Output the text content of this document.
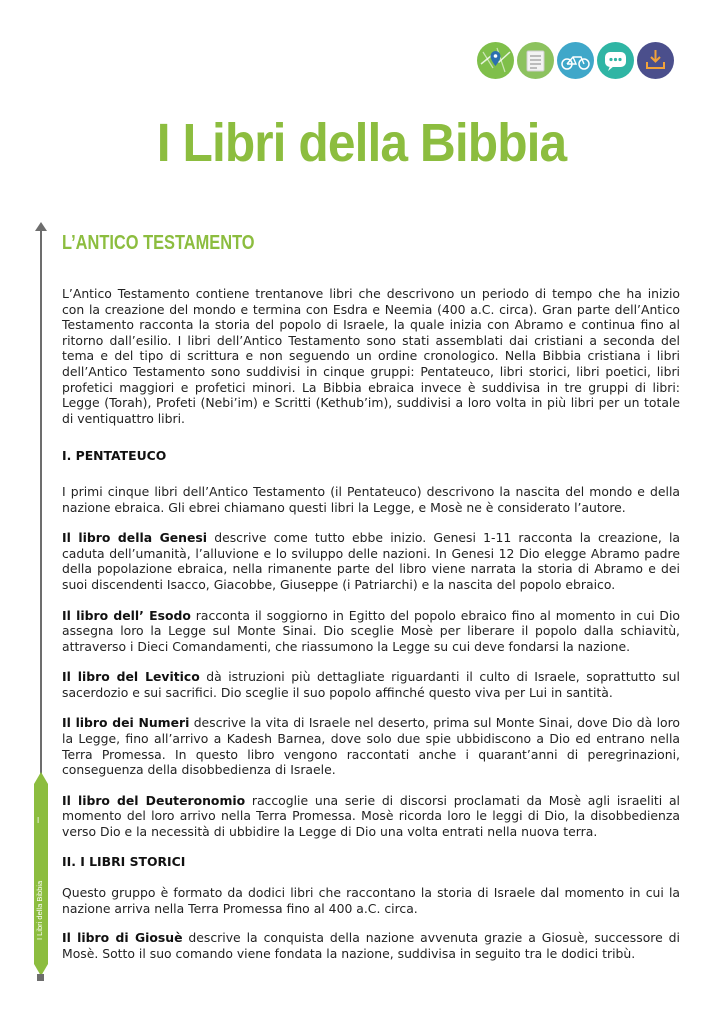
I Libri della Bibbia
I
I Libri della Bibbia
L’ANTICO TESTAMENTO

L’Antico Testamento contiene trentanove libri che descrivono un periodo di tempo che ha inizio con la creazione del mondo e termina con Esdra e Neemia (400 a.C. circa). Gran parte dell’Antico Testamento racconta la storia del popolo di Israele, la quale inizia con Abramo e continua fino al ritorno dall’esilio. I libri dell’Antico Testamento sono stati assemblati dai cristiani a seconda del tema e del tipo di scrittura e non seguendo un ordine cronologico. Nella Bibbia cristiana i libri dell’Antico Testamento sono suddivisi in cinque gruppi: Pentateuco, libri storici, libri poetici, libri profetici maggiori e profetici minori. La Bibbia ebraica invece è suddivisa in tre gruppi di libri: Legge (Torah), Profeti (Nebi’im) e Scritti (Kethub’im), suddivisi a loro volta in più libri per un totale di ventiquattro libri.

I. PENTATEUCO

I primi cinque libri dell’Antico Testamento (il Pentateuco) descrivono la nascita del mondo e della nazione ebraica. Gli ebrei chiamano questi libri la Legge, e Mosè ne è considerato l’autore.

Il libro della Genesi descrive come tutto ebbe inizio. Genesi 1-11 racconta la creazione, la caduta dell’umanità, l’alluvione e lo sviluppo delle nazioni. In Genesi 12 Dio elegge Abramo padre della popolazione ebraica, nella rimanente parte del libro viene narrata la storia di Abramo e dei suoi discendenti Isacco, Giacobbe, Giuseppe (i Patriarchi) e la nascita del popolo ebraico.

Il libro dell’ Esodo racconta il soggiorno in Egitto del popolo ebraico fino al momento in cui Dio assegna loro la Legge sul Monte Sinai. Dio sceglie Mosè per liberare il popolo dalla schiavitù, attraverso i Dieci Comandamenti, che riassumono la Legge su cui deve fondarsi la nazione.

Il libro del Levitico dà istruzioni più dettagliate riguardanti il culto di Israele, soprattutto sul sacerdozio e sui sacrifici. Dio sceglie il suo popolo affinché questo viva per Lui in santità.

Il libro dei Numeri descrive la vita di Israele nel deserto, prima sul Monte Sinai, dove Dio dà loro la Legge, fino all’arrivo a Kadesh Barnea, dove solo due spie ubbidiscono a Dio ed entrano nella Terra Promessa. In questo libro vengono raccontati anche i quarant’anni di peregrinazioni, conseguenza della disobbedienza di Israele.

Il libro del Deuteronomio raccoglie una serie di discorsi proclamati da Mosè agli israeliti al momento del loro arrivo nella Terra Promessa. Mosè ricorda loro le leggi di Dio, la disobbedienza verso Dio e la necessità di ubbidire la Legge di Dio una volta entrati nella nuova terra.

II. I LIBRI STORICI

Questo gruppo è formato da dodici libri che raccontano la storia di Israele dal momento in cui la nazione arriva nella Terra Promessa fino al 400 a.C. circa.

Il libro di Giosuè descrive la conquista della nazione avvenuta grazie a Giosuè, successore di Mosè. Sotto il suo comando viene fondata la nazione, suddivisa in seguito tra le dodici tribù.
